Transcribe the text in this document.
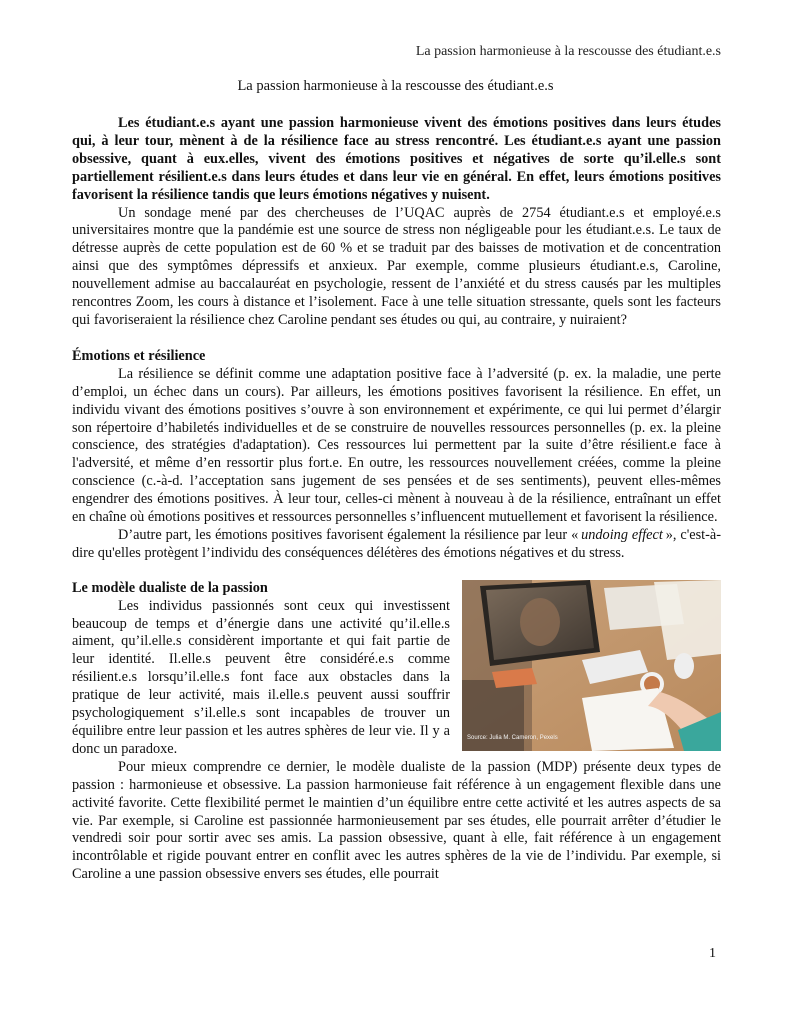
La passion harmonieuse à la rescousse des étudiant.e.s
La passion harmonieuse à la rescousse des étudiant.e.s

Les étudiant.e.s ayant une passion harmonieuse vivent des émotions positives dans leurs études qui, à leur tour, mènent à de la résilience face au stress rencontré. Les étudiant.e.s ayant une passion obsessive, quant à eux.elles, vivent des émotions positives et négatives de sorte qu’il.elle.s sont partiellement résilient.e.s dans leurs études et dans leur vie en général. En effet, leurs émotions positives favorisent la résilience tandis que leurs émotions négatives y nuisent.

Un sondage mené par des chercheuses de l’UQAC auprès de 2754 étudiant.e.s et employé.e.s universitaires montre que la pandémie est une source de stress non négligeable pour les étudiant.e.s. Le taux de détresse auprès de cette population est de 60 % et se traduit par des baisses de motivation et de concentration ainsi que des symptômes dépressifs et anxieux. Par exemple, comme plusieurs étudiant.e.s, Caroline, nouvellement admise au baccalauréat en psychologie, ressent de l’anxiété et du stress causés par les multiples rencontres Zoom, les cours à distance et l’isolement. Face à une telle situation stressante, quels sont les facteurs qui favoriseraient la résilience chez Caroline pendant ses études ou qui, au contraire, y nuiraient?

Émotions et résilience

La résilience se définit comme une adaptation positive face à l’adversité (p. ex. la maladie, une perte d’emploi, un échec dans un cours). Par ailleurs, les émotions positives favorisent la résilience. En effet, un individu vivant des émotions positives s’ouvre à son environnement et expérimente, ce qui lui permet d’élargir son répertoire d’habiletés individuelles et de se construire de nouvelles ressources personnelles (p. ex. la pleine conscience, des stratégies d'adaptation). Ces ressources lui permettent par la suite d’être résilient.e face à l'adversité, et même d’en ressortir plus fort.e. En outre, les ressources nouvellement créées, comme la pleine conscience (c.-à-d. l’acceptation sans jugement de ses pensées et de ses sentiments), peuvent elles-mêmes engendrer des émotions positives. À leur tour, celles-ci mènent à nouveau à de la résilience, entraînant un effet en chaîne où émotions positives et ressources personnelles s’influencent mutuellement et favorisent la résilience.

D’autre part, les émotions positives favorisent également la résilience par leur «  undoing effect  », c'est-à-dire qu'elles protègent l’individu des conséquences délétères des émotions négatives et du stress.

Source: Julia M. Cameron, Pexels

Le modèle dualiste de la passion

Les individus passionnés sont ceux qui investissent beaucoup de temps et d’énergie dans une activité qu’il.elle.s aiment, qu’il.elle.s considèrent importante et qui fait partie de leur identité. Il.elle.s peuvent être considéré.e.s comme résilient.e.s lorsqu’il.elle.s font face aux obstacles dans la pratique de leur activité, mais il.elle.s peuvent aussi souffrir psychologiquement s’il.elle.s sont incapables de trouver un équilibre entre leur passion et les autres sphères de leur vie. Il y a donc un paradoxe.

Pour mieux comprendre ce dernier, le modèle dualiste de la passion (MDP) présente deux types de passion : harmonieuse et obsessive. La passion harmonieuse fait référence à un engagement flexible dans une activité favorite. Cette flexibilité permet le maintien d’un équilibre entre cette activité et les autres aspects de sa vie. Par exemple, si Caroline est passionnée harmonieusement par ses études, elle pourrait arrêter d’étudier le vendredi soir pour sortir avec ses amis. La passion obsessive, quant à elle, fait référence à un engagement incontrôlable et rigide pouvant entrer en conflit avec les autres sphères de la vie de l’individu. Par exemple, si Caroline a une passion obsessive envers ses études, elle pourrait

1
